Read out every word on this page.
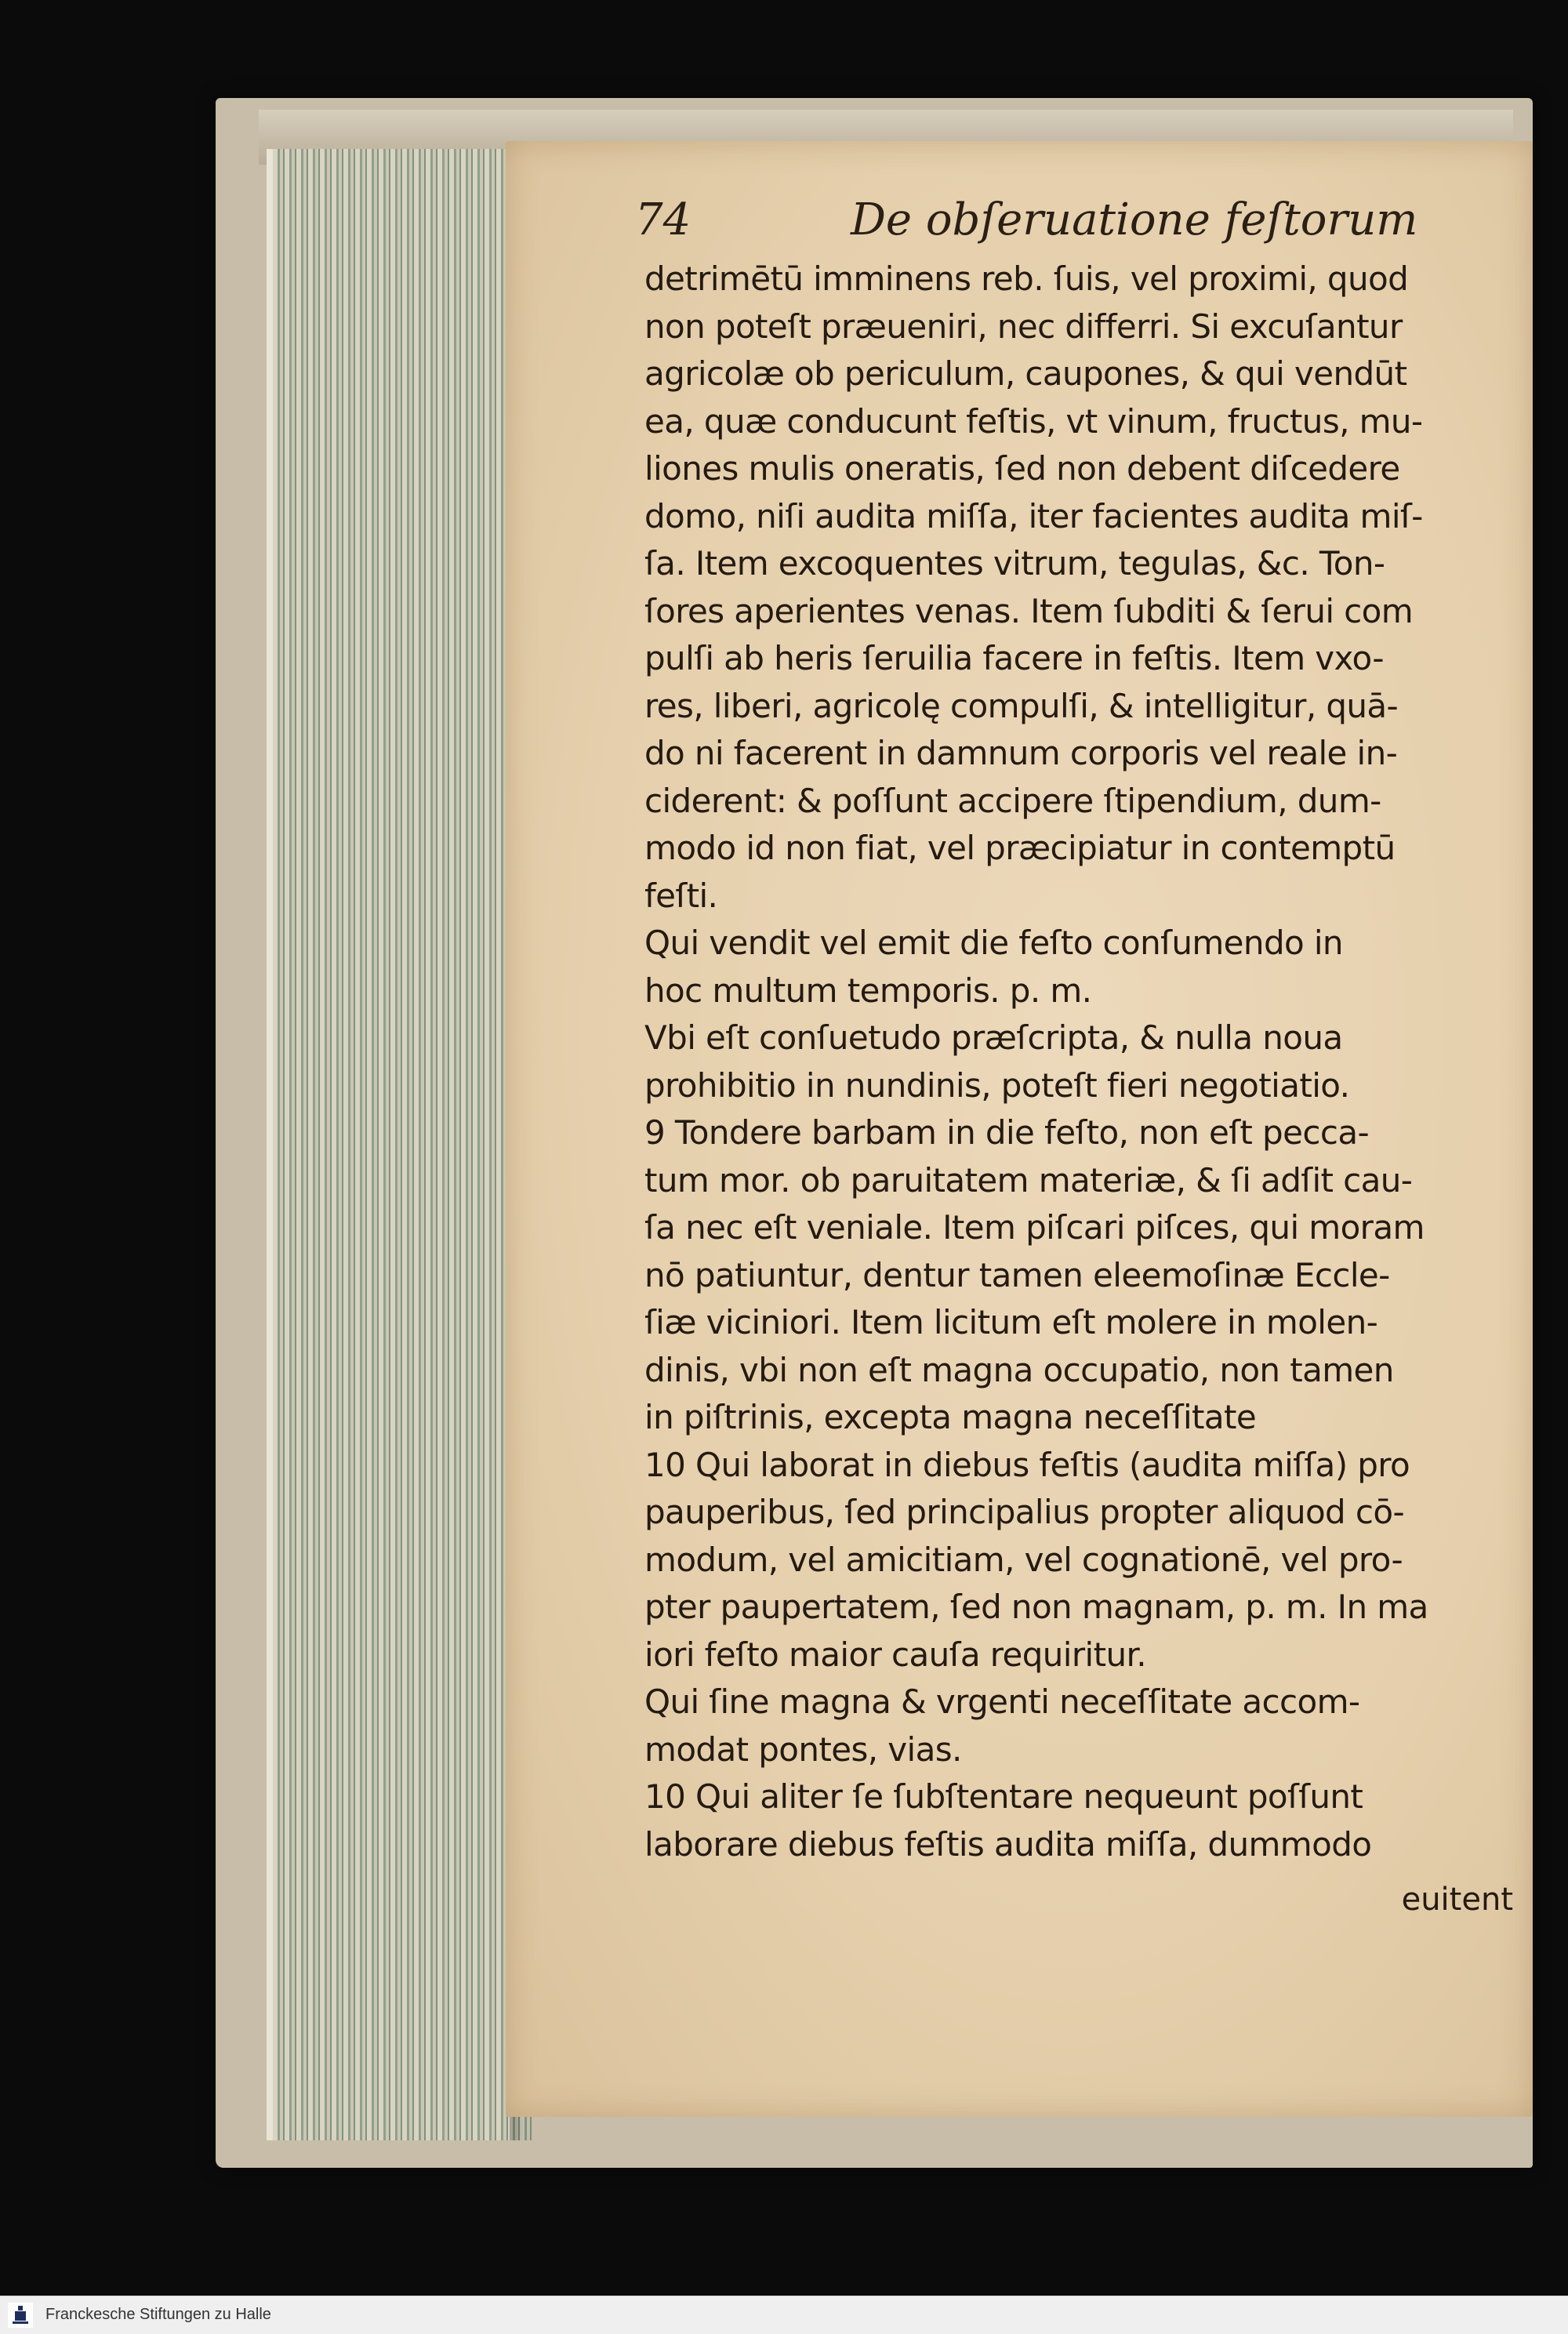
74	De obſeruatione feſtorum
detrimētū imminens reb. ſuis, vel proximi, quod
non poteſt præueniri, nec differri. Si excuſantur
agricolæ ob periculum, caupones, & qui vendūt
ea, quæ conducunt feſtis, vt vinum, fructus, mu-
liones mulis oneratis, ſed non debent diſcedere
domo, niſi audita miſſa, iter facientes audita miſ-
ſa. Item excoquentes vitrum, tegulas, &c. Ton-
ſores aperientes venas. Item ſubditi & ſerui com
pulſi ab heris ſeruilia facere in feſtis. Item vxo-
res, liberi, agricolę compulſi, & intelligitur, quā-
do ni facerent in damnum corporis vel reale in-
ciderent: & poſſunt accipere ſtipendium, dum-
modo id non fiat, vel præcipiatur in contemptū
feſti.
Qui vendit vel emit die feſto conſumendo in
hoc multum temporis. p. m.
Vbi eſt conſuetudo præſcripta, & nulla noua
prohibitio in nundinis, poteſt fieri negotiatio.
9 Tondere barbam in die feſto, non eſt pecca-
tum mor. ob paruitatem materiæ, & ſi adſit cau-
ſa nec eſt veniale. Item piſcari piſces, qui moram
nō patiuntur, dentur tamen eleemoſinæ Eccle-
ſiæ viciniori. Item licitum eſt molere in molen-
dinis, vbi non eſt magna occupatio, non tamen
in piſtrinis, excepta magna neceſſitate
10 Qui laborat in diebus feſtis (audita miſſa) pro
pauperibus, ſed principalius propter aliquod cō-
modum, vel amicitiam, vel cognationē, vel pro-
pter paupertatem, ſed non magnam, p. m. In ma
iori feſto maior cauſa requiritur.
Qui ſine magna & vrgenti neceſſitate accom-
modat pontes, vias.
10 Qui aliter ſe ſubſtentare nequeunt poſſunt
laborare diebus feſtis audita miſſa, dummodo
euitent
Franckesche Stiftungen zu Halle
